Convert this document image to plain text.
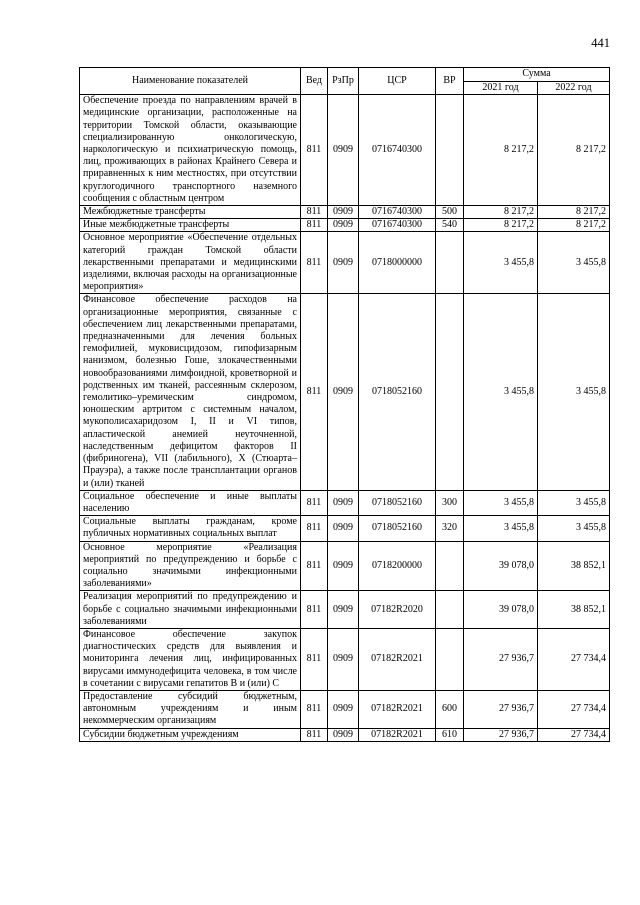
441
Наименование показателей	Вед	РзПр	ЦСР	ВР	Сумма	
					2021 год	2022 год
Обеспечение проезда по направлениям врачей в медицинские организации, расположенные на территории Томской области, оказывающие специализированную онкологическую, наркологическую и психиатрическую помощь, лиц, проживающих в районах Крайнего Севера и приравненных к ним местностях, при отсутствии круглогодичного транспортного наземного сообщения с областным центром	811	0909	0716740300		8 217,2	8 217,2
Межбюджетные трансферты	811	0909	0716740300	500	8 217,2	8 217,2
Иные межбюджетные трансферты	811	0909	0716740300	540	8 217,2	8 217,2
Основное мероприятие «Обеспечение отдельных категорий граждан Томской области лекарственными препаратами и медицинскими изделиями, включая расходы на организационные мероприятия»	811	0909	0718000000		3 455,8	3 455,8
Финансовое обеспечение расходов на организационные мероприятия, связанные с обеспечением лиц лекарственными препаратами, предназначенными для лечения больных гемофилией, муковисцидозом, гипофизарным нанизмом, болезнью Гоше, злокачественными новообразованиями лимфоидной, кроветворной и родственных им тканей, рассеянным склерозом, гемолитико–уремическим синдромом, юношеским артритом с системным началом, мукополисахаридозом I, II и VI типов, апластической анемией неуточненной, наследственным дефицитом факторов II (фибриногена), VII (лабильного), X (Стюарта–Прауэра), а также после трансплантации органов и (или) тканей	811	0909	0718052160		3 455,8	3 455,8
Социальное обеспечение и иные выплаты населению	811	0909	0718052160	300	3 455,8	3 455,8
Социальные выплаты гражданам, кроме публичных нормативных социальных выплат	811	0909	0718052160	320	3 455,8	3 455,8
Основное мероприятие «Реализация мероприятий по предупреждению и борьбе с социально значимыми инфекционными заболеваниями»	811	0909	0718200000		39 078,0	38 852,1
Реализация мероприятий по предупреждению и борьбе с социально значимыми инфекционными заболеваниями	811	0909	07182R2020		39 078,0	38 852,1
Финансовое обеспечение закупок диагностических средств для выявления и мониторинга лечения лиц, инфицированных вирусами иммунодефицита человека, в том числе в сочетании с вирусами гепатитов B и (или) C	811	0909	07182R2021		27 936,7	27 734,4
Предоставление субсидий бюджетным, автономным учреждениям и иным некоммерческим организациям	811	0909	07182R2021	600	27 936,7	27 734,4
Субсидии бюджетным учреждениям	811	0909	07182R2021	610	27 936,7	27 734,4
